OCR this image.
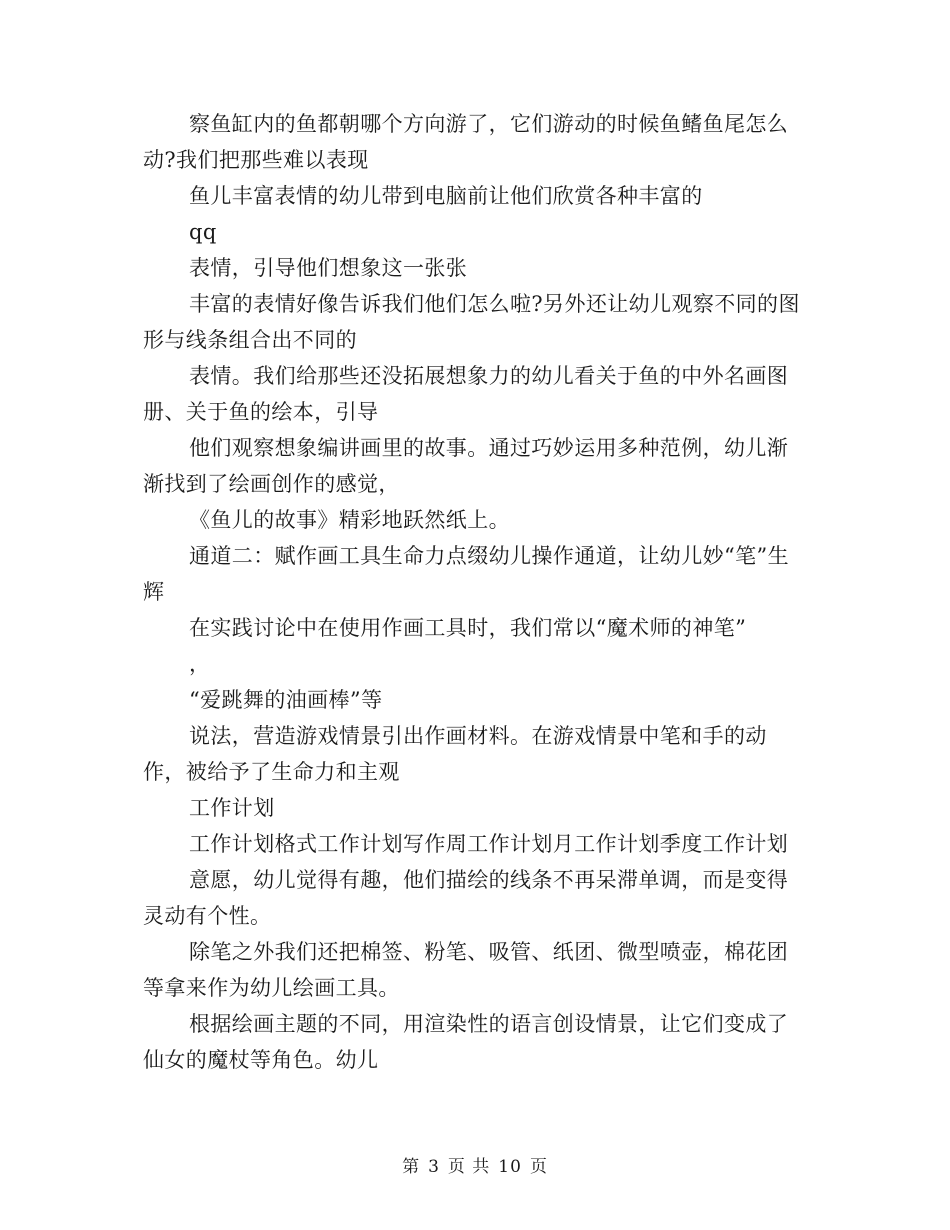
察鱼缸内的鱼都朝哪个方向游了，它们游动的时候鱼鳍鱼尾怎么动?我们把那些难以表现

鱼儿丰富表情的幼儿带到电脑前让他们欣赏各种丰富的

qq

表情，引导他们想象这一张张

丰富的表情好像告诉我们他们怎么啦?另外还让幼儿观察不同的图形与线条组合出不同的

表情。我们给那些还没拓展想象力的幼儿看关于鱼的中外名画图册、关于鱼的绘本，引导

他们观察想象编讲画里的故事。通过巧妙运用多种范例，幼儿渐渐找到了绘画创作的感觉，

《鱼儿的故事》精彩地跃然纸上。

通道二：赋作画工具生命力点缀幼儿操作通道，让幼儿妙“笔”生辉

在实践讨论中在使用作画工具时，我们常以“魔术师的神笔”

，

“爱跳舞的油画棒”等

说法，营造游戏情景引出作画材料。在游戏情景中笔和手的动作，被给予了生命力和主观

工作计划

工作计划格式工作计划写作周工作计划月工作计划季度工作计划

意愿，幼儿觉得有趣，他们描绘的线条不再呆滞单调，而是变得灵动有个性。

除笔之外我们还把棉签、粉笔、吸管、纸团、微型喷壶，棉花团等拿来作为幼儿绘画工具。

根据绘画主题的不同，用渲染性的语言创设情景，让它们变成了仙女的魔杖等角色。幼儿

第 3 页 共 10 页
